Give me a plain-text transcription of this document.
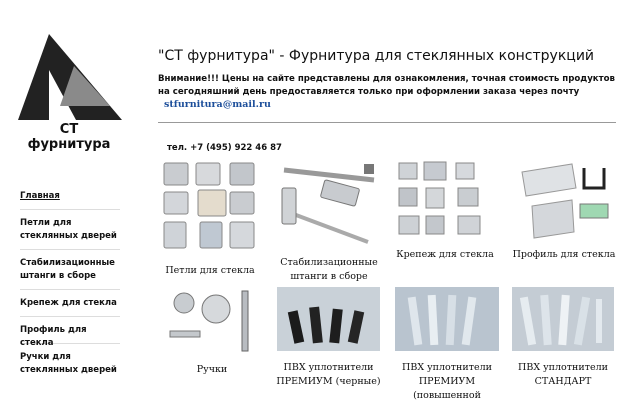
СТ
фурнитура
Главная
Петли для стеклянных дверей
Стабилизационные штанги в сборе
Крепеж для стекла
Профиль для стекла
Ручки для стеклянных дверей
"СТ фурнитура" - Фурнитура для стеклянных конструкций
Внимание!!! Цены на сайте представлены для ознакомления, точная стоимость продуктов на сегодняшний день предоставляется только при оформлении заказа через почту
stfurnitura@mail.ru
тел. +7 (495) 922 46 87
Петли для стекла
Стабилизационные штанги в сборе
Крепеж для стекла	Профиль для стекла
Ручки	ПВХ уплотнители ПРЕМИУМ (черные)
ПВХ уплотнители ПРЕМИУМ (повышенной
ПВХ уплотнители СТАНДАРТ
